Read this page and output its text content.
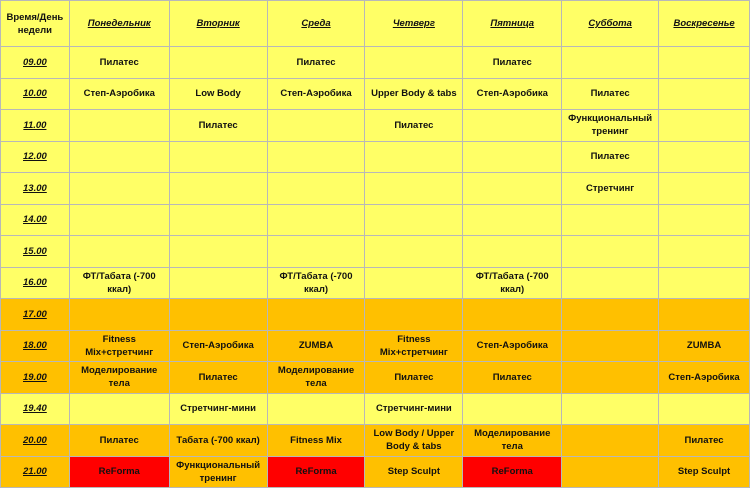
Время/День недели	Понедельник	Вторник	Среда	Четверг	Пятница	Суббота	Воскресенье
09.00	Пилатес		Пилатес		Пилатес		
10.00	Степ-Аэробика	Low Body	Степ-Аэробика	Upper Body & tabs	Степ-Аэробика	Пилатес	
11.00		Пилатес		Пилатес		Функциональный тренинг	
12.00						Пилатес	
13.00						Стретчинг	
14.00							
15.00							
16.00	ФТ/Табата (-700 ккал)		ФТ/Табата (-700 ккал)		ФТ/Табата (-700 ккал)		
17.00							
18.00	Fitness Mix+стретчинг	Степ-Аэробика	ZUMBA	Fitness Mix+стретчинг	Степ-Аэробика		ZUMBA
19.00	Моделирование тела	Пилатес	Моделирование тела	Пилатес	Пилатес		Степ-Аэробика
19.40		Стретчинг-мини		Стретчинг-мини			
20.00	Пилатес	Табата (-700 ккал)	Fitness Mix	Low Body / Upper Body & tabs	Моделирование тела		Пилатес
21.00	ReForma	Функциональный тренинг	ReForma	Step Sculpt	ReForma		Step Sculpt
